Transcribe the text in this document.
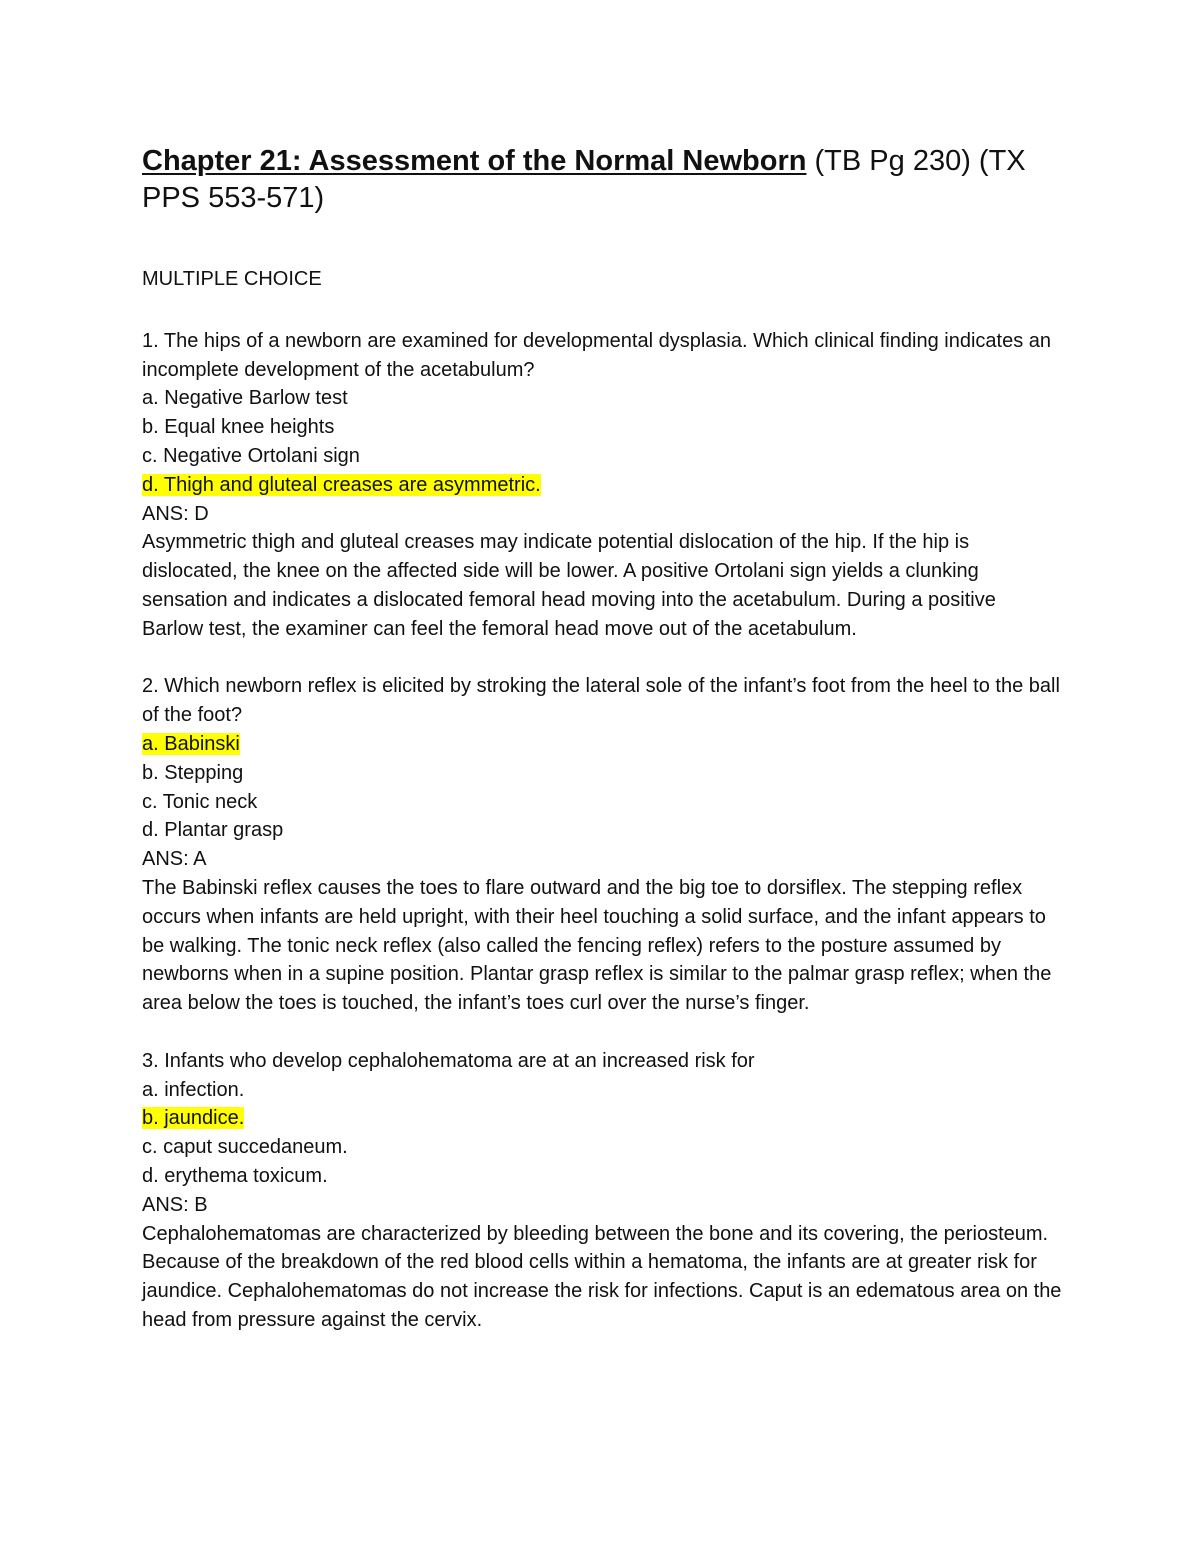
Chapter 21: Assessment of the Normal Newborn (TB Pg 230) (TX PPS 553-571)
MULTIPLE CHOICE
1. The hips of a newborn are examined for developmental dysplasia. Which clinical finding indicates an incomplete development of the acetabulum?
a. Negative Barlow test
b. Equal knee heights
c. Negative Ortolani sign
d. Thigh and gluteal creases are asymmetric.
ANS: D
Asymmetric thigh and gluteal creases may indicate potential dislocation of the hip. If the hip is dislocated, the knee on the affected side will be lower. A positive Ortolani sign yields a clunking sensation and indicates a dislocated femoral head moving into the acetabulum. During a positive Barlow test, the examiner can feel the femoral head move out of the acetabulum.
2. Which newborn reflex is elicited by stroking the lateral sole of the infant’s foot from the heel to the ball of the foot?
a. Babinski
b. Stepping
c. Tonic neck
d. Plantar grasp
ANS: A
The Babinski reflex causes the toes to flare outward and the big toe to dorsiflex. The stepping reflex occurs when infants are held upright, with their heel touching a solid surface, and the infant appears to be walking. The tonic neck reflex (also called the fencing reflex) refers to the posture assumed by newborns when in a supine position. Plantar grasp reflex is similar to the palmar grasp reflex; when the area below the toes is touched, the infant’s toes curl over the nurse’s finger.
3. Infants who develop cephalohematoma are at an increased risk for
a. infection.
b. jaundice.
c. caput succedaneum.
d. erythema toxicum.
ANS: B
Cephalohematomas are characterized by bleeding between the bone and its covering, the periosteum. Because of the breakdown of the red blood cells within a hematoma, the infants are at greater risk for jaundice. Cephalohematomas do not increase the risk for infections. Caput is an edematous area on the head from pressure against the cervix.
